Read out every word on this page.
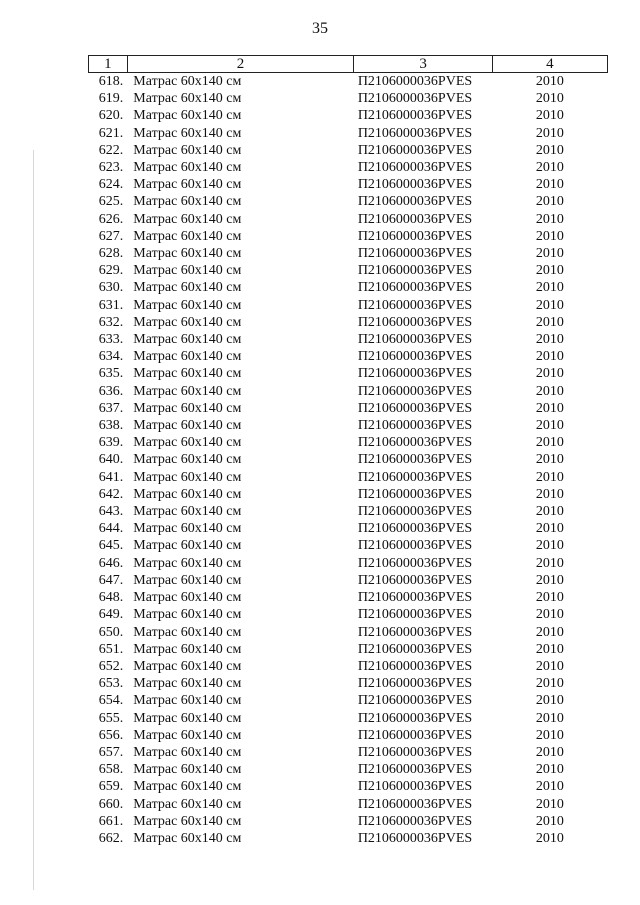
35
1	2	3	4
618.	Матрас 60х140 см	П2106000036PVES	2010
619.	Матрас 60х140 см	П2106000036PVES	2010
620.	Матрас 60х140 см	П2106000036PVES	2010
621.	Матрас 60х140 см	П2106000036PVES	2010
622.	Матрас 60х140 см	П2106000036PVES	2010
623.	Матрас 60х140 см	П2106000036PVES	2010
624.	Матрас 60х140 см	П2106000036PVES	2010
625.	Матрас 60х140 см	П2106000036PVES	2010
626.	Матрас 60х140 см	П2106000036PVES	2010
627.	Матрас 60х140 см	П2106000036PVES	2010
628.	Матрас 60х140 см	П2106000036PVES	2010
629.	Матрас 60х140 см	П2106000036PVES	2010
630.	Матрас 60х140 см	П2106000036PVES	2010
631.	Матрас 60х140 см	П2106000036PVES	2010
632.	Матрас 60х140 см	П2106000036PVES	2010
633.	Матрас 60х140 см	П2106000036PVES	2010
634.	Матрас 60х140 см	П2106000036PVES	2010
635.	Матрас 60х140 см	П2106000036PVES	2010
636.	Матрас 60х140 см	П2106000036PVES	2010
637.	Матрас 60х140 см	П2106000036PVES	2010
638.	Матрас 60х140 см	П2106000036PVES	2010
639.	Матрас 60х140 см	П2106000036PVES	2010
640.	Матрас 60х140 см	П2106000036PVES	2010
641.	Матрас 60х140 см	П2106000036PVES	2010
642.	Матрас 60х140 см	П2106000036PVES	2010
643.	Матрас 60х140 см	П2106000036PVES	2010
644.	Матрас 60х140 см	П2106000036PVES	2010
645.	Матрас 60х140 см	П2106000036PVES	2010
646.	Матрас 60х140 см	П2106000036PVES	2010
647.	Матрас 60х140 см	П2106000036PVES	2010
648.	Матрас 60х140 см	П2106000036PVES	2010
649.	Матрас 60х140 см	П2106000036PVES	2010
650.	Матрас 60х140 см	П2106000036PVES	2010
651.	Матрас 60х140 см	П2106000036PVES	2010
652.	Матрас 60х140 см	П2106000036PVES	2010
653.	Матрас 60х140 см	П2106000036PVES	2010
654.	Матрас 60х140 см	П2106000036PVES	2010
655.	Матрас 60х140 см	П2106000036PVES	2010
656.	Матрас 60х140 см	П2106000036PVES	2010
657.	Матрас 60х140 см	П2106000036PVES	2010
658.	Матрас 60х140 см	П2106000036PVES	2010
659.	Матрас 60х140 см	П2106000036PVES	2010
660.	Матрас 60х140 см	П2106000036PVES	2010
661.	Матрас 60х140 см	П2106000036PVES	2010
662.	Матрас 60х140 см	П2106000036PVES	2010
